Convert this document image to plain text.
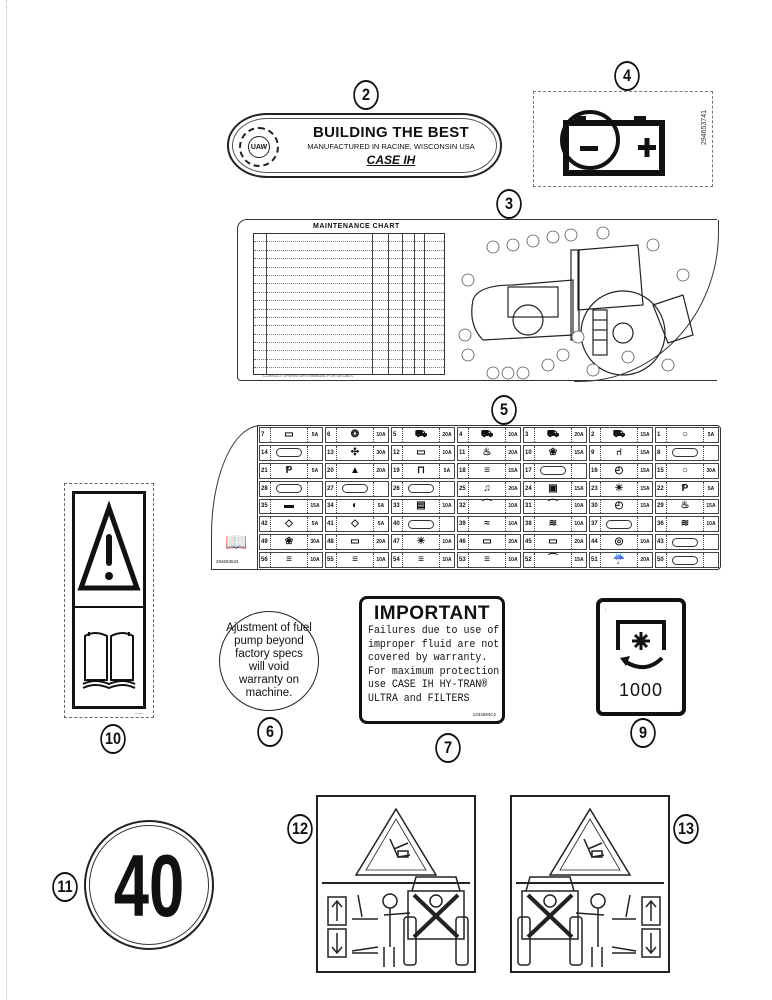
2
UAW
BUILDING THE BEST
MANUFACTURED IN RACINE, WISCONSIN USA
CASE IH
4
294653741
3
MAINTENANCE CHART
CONSULT OPERATOR'S MANUAL FOR DETAILS
5
📖
294653542
7	▭	5A	6	❂	10A	5	⛟	20A	4	⛟	10A	3	⛟	20A	2	⛟	15A	1	○	5A
14	13	✣	30A	12	▭	10A	11	♨	20A	10	❀	15A	9	⑁	15A	8
21	Ᵽ	5A	20	▲	20A	19	⊓	5A	18	≡	15A	17	16	◴	15A	15	○	30A
28	27	26	25	♫	20A	24	▣	15A	23	☀	15A	22	Ᵽ	5A
35	▬	15A	34	◐	5A	33	▤	10A	32	⌒	10A	31	⌒	10A	30	◴	15A	29	♨	15A
42	◇	5A	41	◇	5A	40	39	≈	10A	38	≋	10A	37	36	≋	10A
49	❀	30A	48	▭	20A	47	☀	10A	46	▭	20A	45	▭	20A	44	◎	10A	43
56	≡	10A	55	≡	10A	54	≡	10A	53	≡	10A	52	⌒	15A	51	☔	20A	50
——
10
Ajustment of fuel pump beyond factory specs will void warranty on machine.
6
IMPORTANT
Failures due to use of
improper fluid are not
covered by warranty.
For maximum protection
use CASE IH HY-TRAN®
ULTRA and FILTERS
1334594C2
7
····
1000
9
11 40
12	13
